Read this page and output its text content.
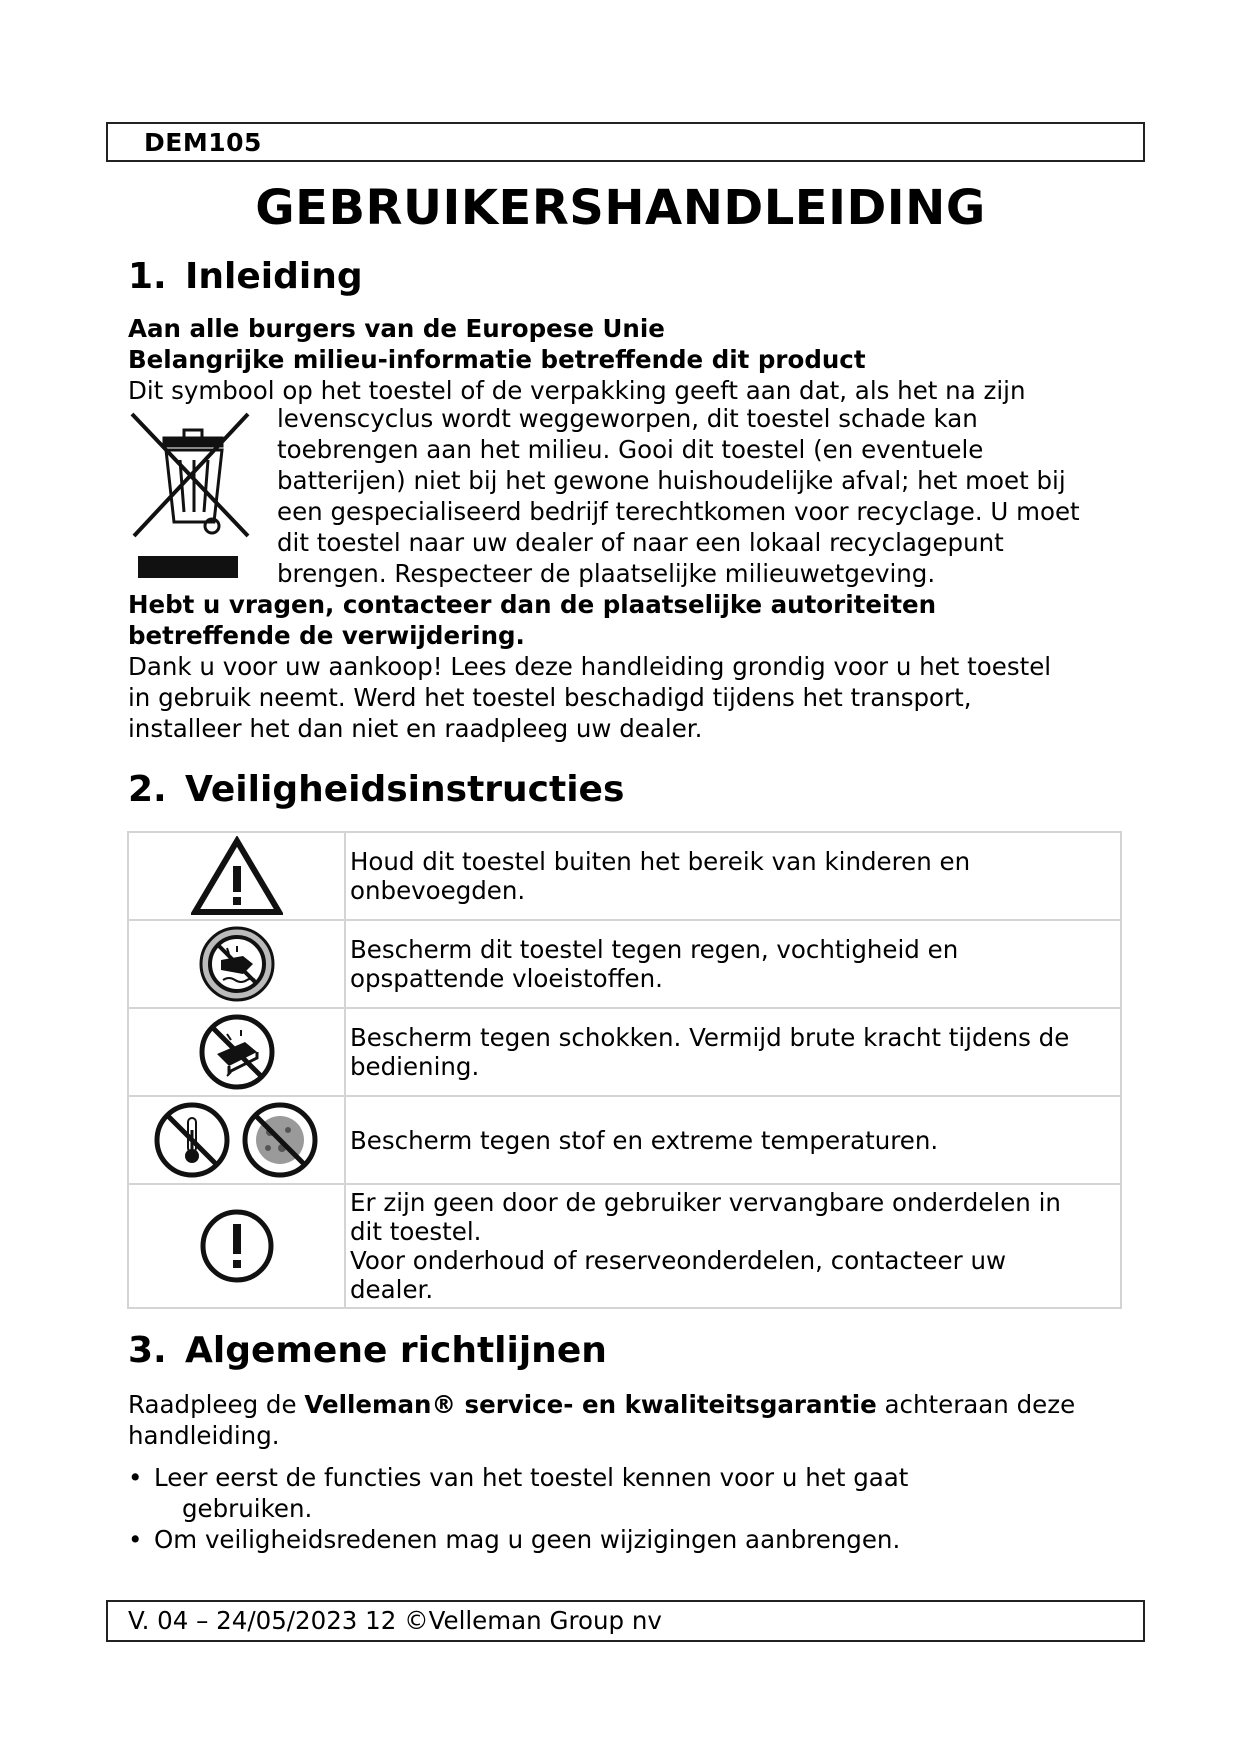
DEM105
GEBRUIKERSHANDLEIDING
1. Inleiding
Aan alle burgers van de Europese Unie
Belangrijke milieu-informatie betreffende dit product
Dit symbool op het toestel of de verpakking geeft aan dat, als het na zijn
levenscyclus wordt weggeworpen, dit toestel schade kan
toebrengen aan het milieu. Gooi dit toestel (en eventuele
batterijen) niet bij het gewone huishoudelijke afval; het moet bij
een gespecialiseerd bedrijf terechtkomen voor recyclage. U moet
dit toestel naar uw dealer of naar een lokaal recyclagepunt
brengen. Respecteer de plaatselijke milieuwetgeving.
Hebt u vragen, contacteer dan de plaatselijke autoriteiten
betreffende de verwijdering.
Dank u voor uw aankoop! Lees deze handleiding grondig voor u het toestel
in gebruik neemt. Werd het toestel beschadigd tijdens het transport,
installeer het dan niet en raadpleeg uw dealer.
2. Veiligheidsinstructies

Houd dit toestel buiten het bereik van kinderen en
onbevoegden.

Bescherm dit toestel tegen regen, vochtigheid en
opspattende vloeistoffen.

Bescherm tegen schokken. Vermijd brute kracht tijdens de
bediening.

Bescherm tegen stof en extreme temperaturen.

Er zijn geen door de gebruiker vervangbare onderdelen in
dit toestel.
Voor onderhoud of reserveonderdelen, contacteer uw
dealer.
3. Algemene richtlijnen
Raadpleeg de Velleman® service- en kwaliteitsgarantie achteraan deze
handleiding.
• Leer eerst de functies van het toestel kennen voor u het gaat
gebruiken.
• Om veiligheidsredenen mag u geen wijzigingen aanbrengen.
V. 04 – 24/05/2023 12 ©Velleman Group nv
